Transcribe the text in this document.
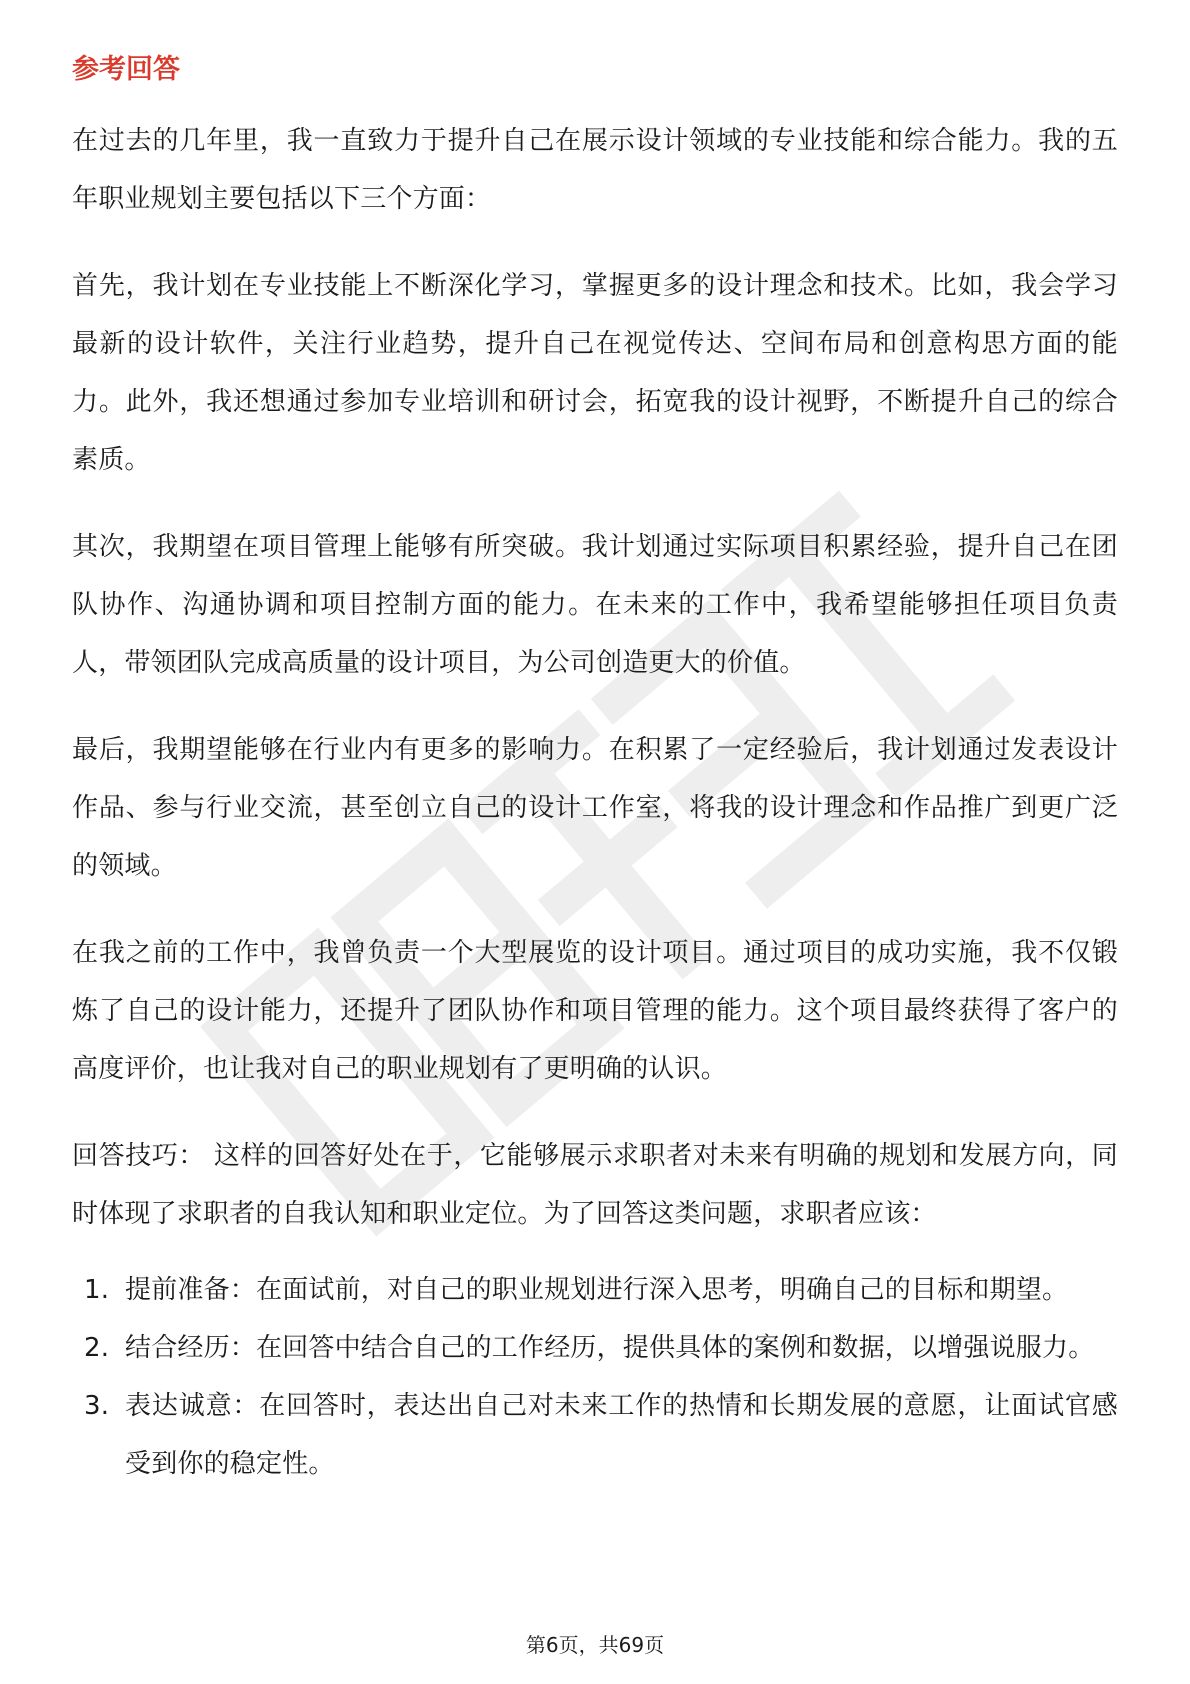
参考回答

在过去的几年里，我一直致力于提升自己在展示设计领域的专业技能和综合能力。我的五年职业规划主要包括以下三个方面：

首先，我计划在专业技能上不断深化学习，掌握更多的设计理念和技术。比如，我会学习最新的设计软件，关注行业趋势，提升自己在视觉传达、空间布局和创意构思方面的能力。此外，我还想通过参加专业培训和研讨会，拓宽我的设计视野，不断提升自己的综合素质。

其次，我期望在项目管理上能够有所突破。我计划通过实际项目积累经验，提升自己在团队协作、沟通协调和项目控制方面的能力。在未来的工作中，我希望能够担任项目负责人，带领团队完成高质量的设计项目，为公司创造更大的价值。

最后，我期望能够在行业内有更多的影响力。在积累了一定经验后，我计划通过发表设计作品、参与行业交流，甚至创立自己的设计工作室，将我的设计理念和作品推广到更广泛的领域。

在我之前的工作中，我曾负责一个大型展览的设计项目。通过项目的成功实施，我不仅锻炼了自己的设计能力，还提升了团队协作和项目管理的能力。这个项目最终获得了客户的高度评价，也让我对自己的职业规划有了更明确的认识。

回答技巧： 这样的回答好处在于，它能够展示求职者对未来有明确的规划和发展方向，同时体现了求职者的自我认知和职业定位。为了回答这类问题，求职者应该：

1. 提前准备：在面试前，对自己的职业规划进行深入思考，明确自己的目标和期望。
2. 结合经历：在回答中结合自己的工作经历，提供具体的案例和数据，以增强说服力。
3. 表达诚意：在回答时，表达出自己对未来工作的热情和长期发展的意愿，让面试官感受到你的稳定性。
第6页，共69页
